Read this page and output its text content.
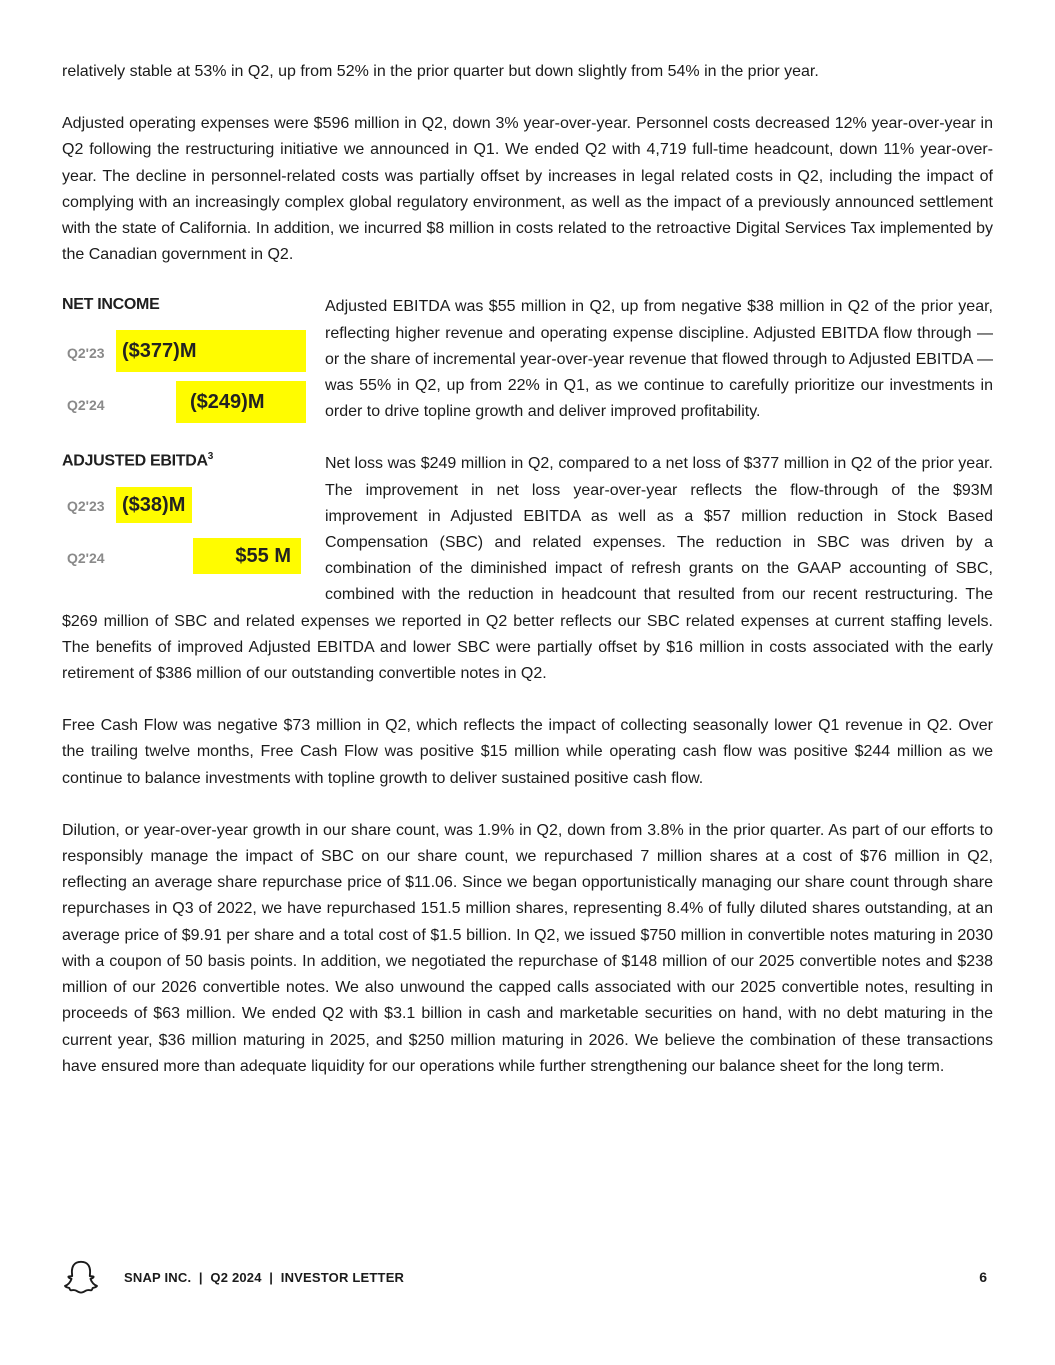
relatively stable at 53% in Q2, up from 52% in the prior quarter but down slightly from 54% in the prior year.

Adjusted operating expenses were $596 million in Q2, down 3% year-over-year. Personnel costs decreased 12% year-over-year in Q2 following the restructuring initiative we announced in Q1. We ended Q2 with 4,719 full-time headcount, down 11% year-over-year. The decline in personnel-related costs was partially offset by increases in legal related costs in Q2, including the impact of complying with an increasingly complex global regulatory environment, as well as the impact of a previously announced settlement with the state of California. In addition, we incurred $8 million in costs related to the retroactive Digital Services Tax implemented by the Canadian government in Q2.

NET INCOME
Q2'23 ($377)M
Q2'24	($249)M
ADJUSTED EBITDA$^3$
Q2'23 ($38)M
Q2'24	$55 M

Adjusted EBITDA was $55 million in Q2, up from negative $38 million in Q2 of the prior year, reflecting higher revenue and operating expense discipline. Adjusted EBITDA flow through — or the share of incremental year-over-year revenue that flowed through to Adjusted EBITDA — was 55% in Q2, up from 22% in Q1, as we continue to carefully prioritize our investments in order to drive topline growth and deliver improved profitability.

Net loss was $249 million in Q2, compared to a net loss of $377 million in Q2 of the prior year. The improvement in net loss year-over-year reflects the flow-through of the $93M improvement in Adjusted EBITDA as well as a $57 million reduction in Stock Based Compensation (SBC) and related expenses. The reduction in SBC was driven by a combination of the diminished impact of refresh grants on the GAAP accounting of SBC, combined with the reduction in headcount that resulted from our recent restructuring. The $269 million of SBC and related expenses we reported in Q2 better reflects our SBC related expenses at current staffing levels. The benefits of improved Adjusted EBITDA and lower SBC were partially offset by $16 million in costs associated with the early retirement of $386 million of our outstanding convertible notes in Q2.

Free Cash Flow was negative $73 million in Q2, which reflects the impact of collecting seasonally lower Q1 revenue in Q2. Over the trailing twelve months, Free Cash Flow was positive $15 million while operating cash flow was positive $244 million as we continue to balance investments with topline growth to deliver sustained positive cash flow.

Dilution, or year-over-year growth in our share count, was 1.9% in Q2, down from 3.8% in the prior quarter. As part of our efforts to responsibly manage the impact of SBC on our share count, we repurchased 7 million shares at a cost of $76 million in Q2, reflecting an average share repurchase price of $11.06. Since we began opportunistically managing our share count through share repurchases in Q3 of 2022, we have repurchased 151.5 million shares, representing 8.4% of fully diluted shares outstanding, at an average price of $9.91 per share and a total cost of $1.5 billion. In Q2, we issued $750 million in convertible notes maturing in 2030 with a coupon of 50 basis points. In addition, we negotiated the repurchase of $148 million of our 2025 convertible notes and $238 million of our 2026 convertible notes. We also unwound the capped calls associated with our 2025 convertible notes, resulting in proceeds of $63 million. We ended Q2 with $3.1 billion in cash and marketable securities on hand, with no debt maturing in the current year, $36 million maturing in 2025, and $250 million maturing in 2026. We believe the combination of these transactions have ensured more than adequate liquidity for our operations while further strengthening our balance sheet for the long term.

SNAP INC. | Q2 2024 | INVESTOR LETTER	6
